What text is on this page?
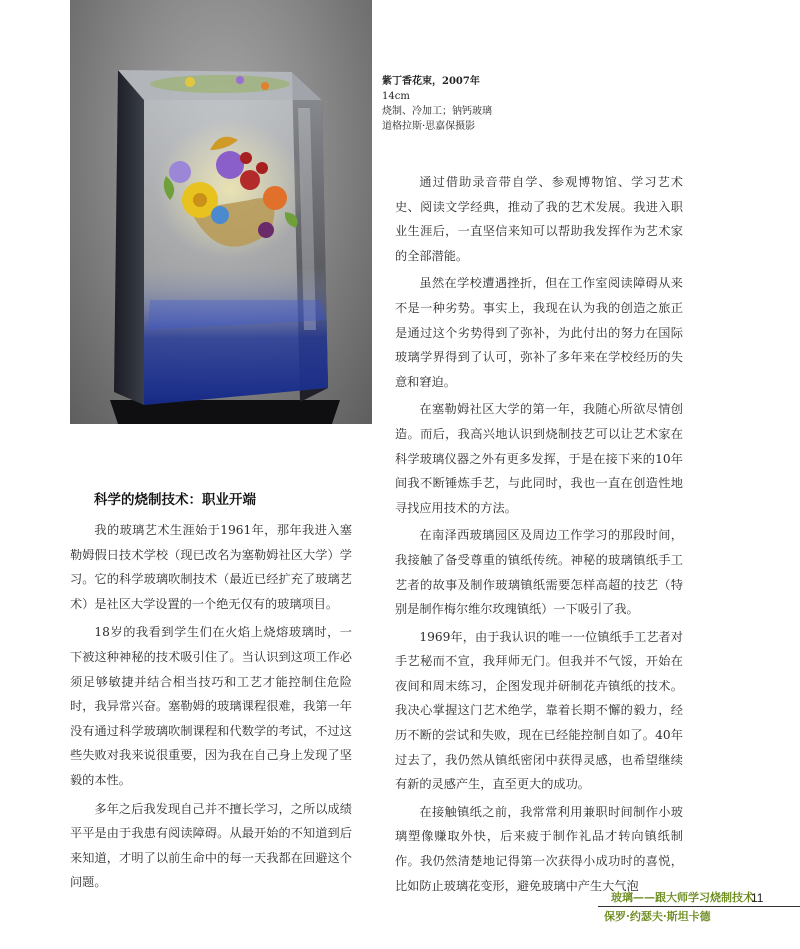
紫丁香花束，2007年
14cm
烧制、冷加工；钠钙玻璃
道格拉斯·思嘉保摄影
科学的烧制技术：职业开端

我的玻璃艺术生涯始于1961年，那年我进入塞勒姆假日技术学校（现已改名为塞勒姆社区大学）学习。它的科学玻璃吹制技术（最近已经扩充了玻璃艺术）是社区大学设置的一个绝无仅有的玻璃项目。

18岁的我看到学生们在火焰上烧熔玻璃时，一下被这种神秘的技术吸引住了。当认识到这项工作必须足够敏捷并结合相当技巧和工艺才能控制住危险时，我异常兴奋。塞勒姆的玻璃课程很难，我第一年没有通过科学玻璃吹制课程和代数学的考试，不过这些失败对我来说很重要，因为我在自己身上发现了坚毅的本性。

多年之后我发现自己并不擅长学习，之所以成绩平平是由于我患有阅读障碍。从最开始的不知道到后来知道，才明了以前生命中的每一天我都在回避这个问题。

通过借助录音带自学、参观博物馆、学习艺术史、阅读文学经典，推动了我的艺术发展。我进入职业生涯后，一直坚信来知可以帮助我发挥作为艺术家的全部潜能。

虽然在学校遭遇挫折，但在工作室阅读障碍从来不是一种劣势。事实上，我现在认为我的创造之旅正是通过这个劣势得到了弥补，为此付出的努力在国际玻璃学界得到了认可，弥补了多年来在学校经历的失意和窘迫。

在塞勒姆社区大学的第一年，我随心所欲尽情创造。而后，我高兴地认识到烧制技艺可以让艺术家在科学玻璃仪器之外有更多发挥，于是在接下来的10年间我不断锤炼手艺，与此同时，我也一直在创造性地寻找应用技术的方法。

在南泽西玻璃园区及周边工作学习的那段时间，我接触了备受尊重的镇纸传统。神秘的玻璃镇纸手工艺者的故事及制作玻璃镇纸需要怎样高超的技艺（特别是制作梅尔维尔玫瑰镇纸）一下吸引了我。

1969年，由于我认识的唯一一位镇纸手工艺者对手艺秘而不宣，我拜师无门。但我并不气馁，开始在夜间和周末练习，企图发现并研制花卉镇纸的技术。我决心掌握这门艺术绝学，靠着长期不懈的毅力，经历不断的尝试和失败，现在已经能控制自如了。40年过去了，我仍然从镇纸密闭中获得灵感，也希望继续有新的灵感产生，直至更大的成功。

在接触镇纸之前，我常常利用兼职时间制作小玻璃塑像赚取外快，后来疲于制作礼品才转向镇纸制作。我仍然清楚地记得第一次获得小成功时的喜悦，比如防止玻璃花变形，避免玻璃中产生大气泡

玻璃——跟大师学习烧制技术
11
保罗·约瑟夫·斯坦卡德
